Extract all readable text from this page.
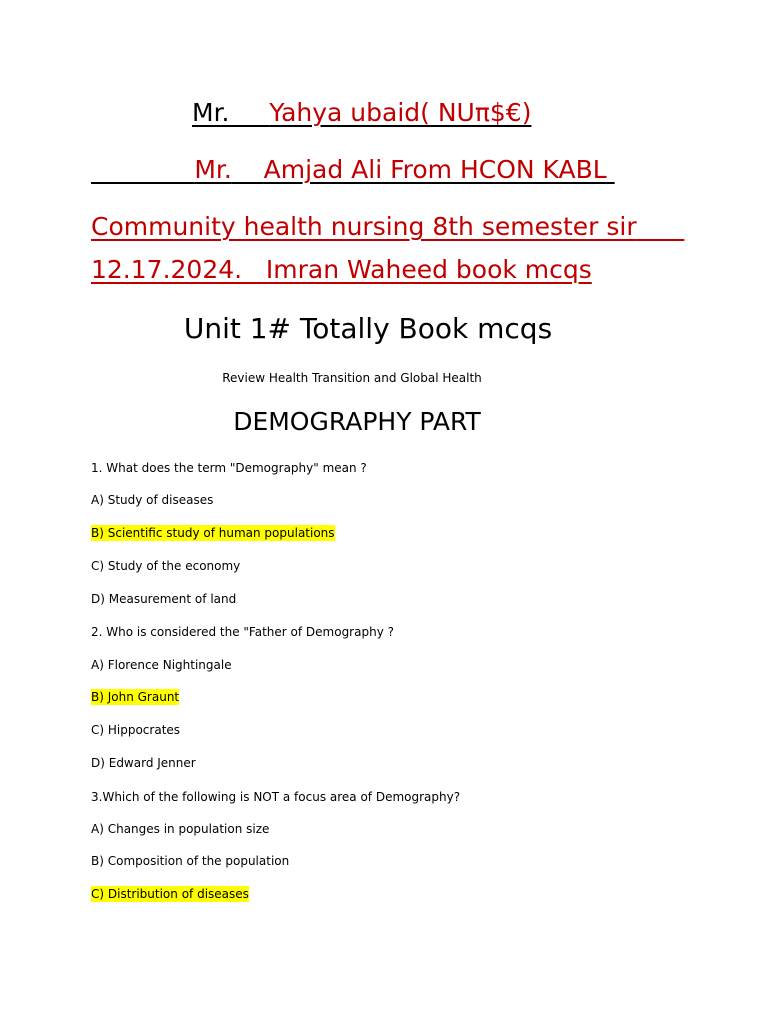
Mr. Yahya ubaid( NUπ$€)
Mr. Amjad Ali From HCON KABL
Community health nursing 8th semester sir
12.17.2024.   Imran Waheed book mcqs
Unit 1# Totally Book mcqs
Review Health Transition and Global Health
DEMOGRAPHY PART
1. What does the term "Demography" mean ?
A) Study of diseases
B) Scientific study of human populations
C) Study of the economy
D) Measurement of land
2. Who is considered the "Father of Demography ?
A) Florence Nightingale
B) John Graunt
C) Hippocrates
D) Edward Jenner
3.Which of the following is NOT a focus area of Demography?
A) Changes in population size
B) Composition of the population
C) Distribution of diseases
